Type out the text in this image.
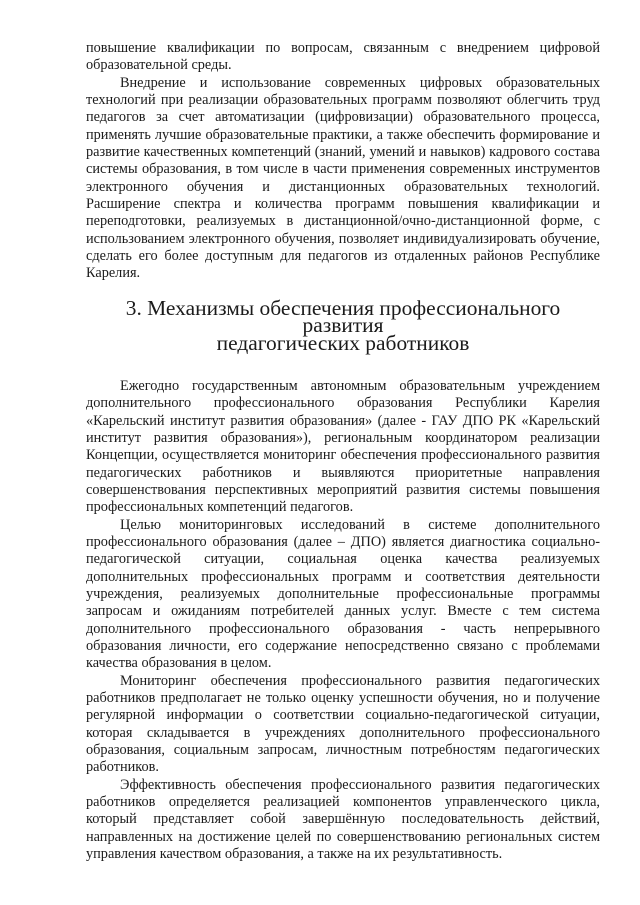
повышение квалификации по вопросам, связанным с внедрением цифровой образовательной среды.

Внедрение и использование современных цифровых образовательных технологий при реализации образовательных программ позволяют облегчить труд педагогов за счет автоматизации (цифровизации) образовательного процесса, применять лучшие образовательные практики, а также обеспечить формирование и развитие качественных компетенций (знаний, умений и навыков) кадрового состава системы образования, в том числе в части применения современных инструментов электронного обучения и дистанционных образовательных технологий. Расширение спектра и количества программ повышения квалификации и переподготовки, реализуемых в дистанционной/очно-дистанционной форме, с использованием электронного обучения, позволяет индивидуализировать обучение, сделать его более доступным для педагогов из отдаленных районов Республике Карелия.

3. Механизмы обеспечения профессионального развития
педагогических работников

Ежегодно государственным автономным образовательным учреждением дополнительного профессионального образования Республики Карелия «Карельский институт развития образования» (далее - ГАУ ДПО РК «Карельский институт развития образования»), региональным координатором реализации Концепции, осуществляется мониторинг обеспечения профессионального развития педагогических работников и выявляются приоритетные направления совершенствования перспективных мероприятий развития системы повышения профессиональных компетенций педагогов.

Целью мониторинговых исследований в системе дополнительного профессионального образования (далее – ДПО) является диагностика социально-педагогической ситуации, социальная оценка качества реализуемых дополнительных профессиональных программ и соответствия деятельности учреждения, реализуемых дополнительные профессиональные программы запросам и ожиданиям потребителей данных услуг. Вместе с тем система дополнительного профессионального образования - часть непрерывного образования личности, его содержание непосредственно связано с проблемами качества образования в целом.

Мониторинг обеспечения профессионального развития педагогических работников предполагает не только оценку успешности обучения, но и получение регулярной информации о соответствии социально-педагогической ситуации, которая складывается в учреждениях дополнительного профессионального образования, социальным запросам, личностным потребностям педагогических работников.

Эффективность обеспечения профессионального развития педагогических работников определяется реализацией компонентов управленческого цикла, который представляет собой завершённую последовательность действий, направленных на достижение целей по совершенствованию региональных систем управления качеством образования, а также на их результативность.
